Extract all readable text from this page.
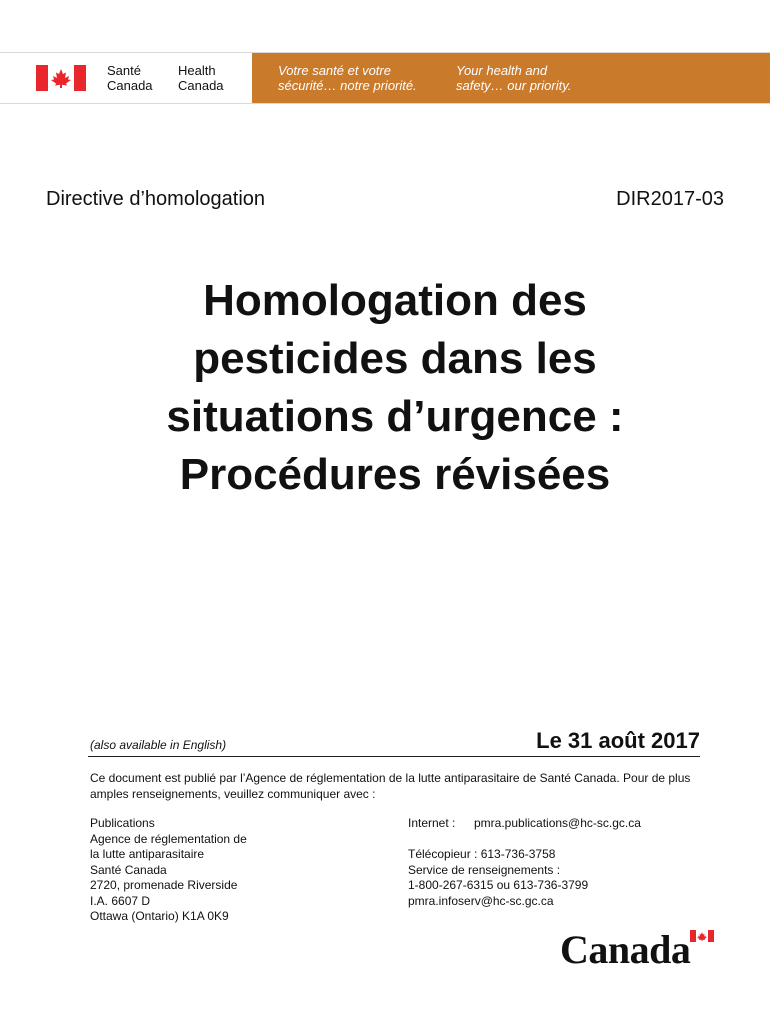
Santé
Canada
Health
Canada
Votre santé et votre
sécurité… notre priorité.
Your health and
safety… our priority.
Directive d’homologation	DIR2017-03
Homologation des
pesticides dans les
situations d’urgence :
Procédures révisées
(also available in English)	Le 31 août 2017
Ce document est publié par l’Agence de réglementation de la lutte antiparasitaire de Santé Canada. Pour de plus amples renseignements, veuillez communiquer avec :
Publications
Agence de réglementation de
la lutte antiparasitaire
Santé Canada
2720, promenade Riverside
I.A. 6607 D
Ottawa (Ontario) K1A 0K9
Internet : pmra.publications@hc-sc.gc.ca
Télécopieur : 613-736-3758
Service de renseignements :
1-800-267-6315 ou 613-736-3799
pmra.infoserv@hc-sc.gc.ca
Canada
